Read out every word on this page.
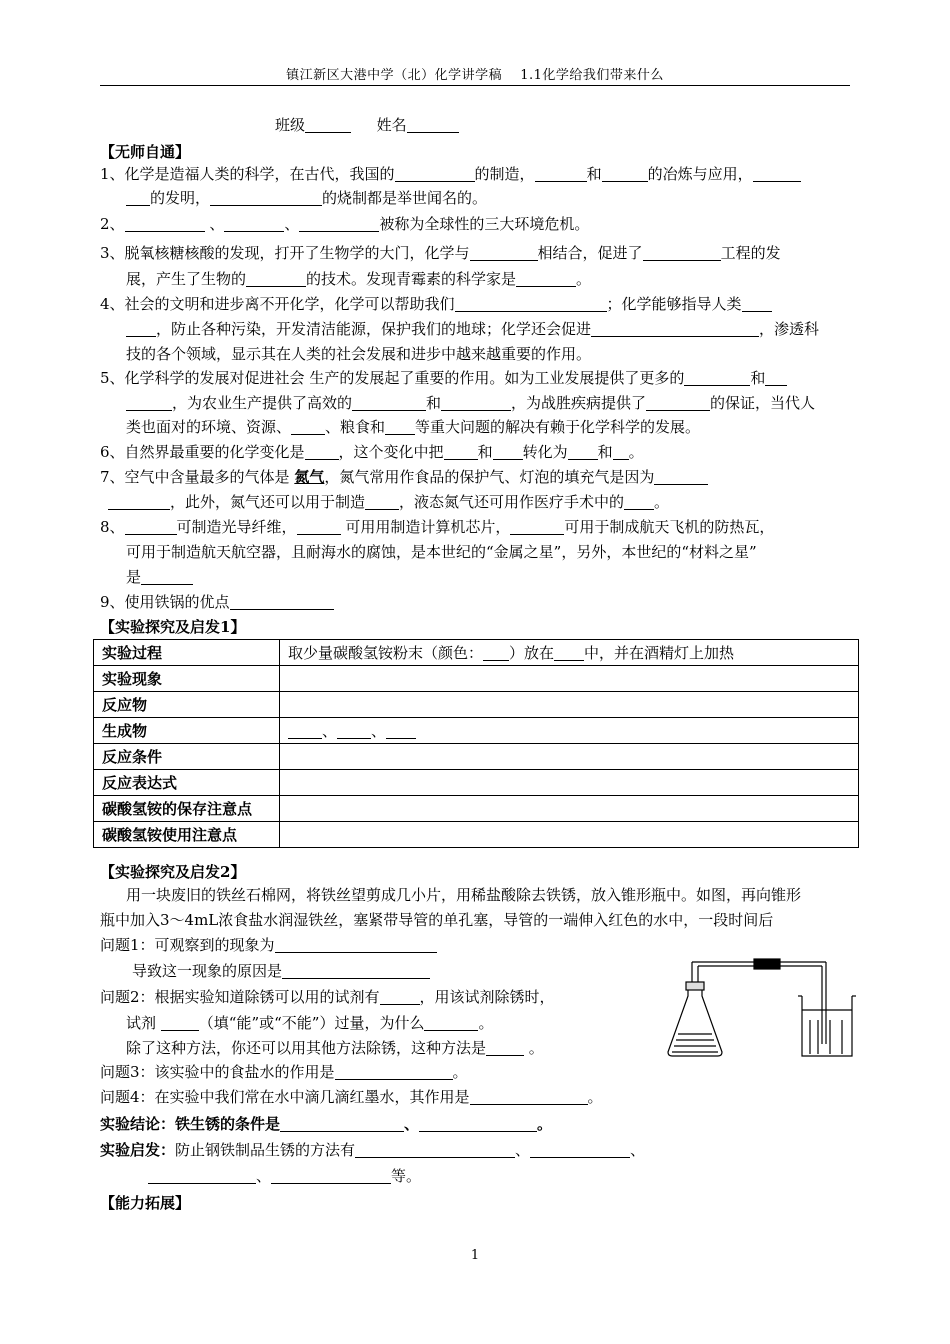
镇江新区大港中学（北）化学讲学稿 　1.1化学给我们带来什么
班级	姓名
【无师自通】
1、化学是造福人类的科学，在古代，我国的	的制造，	和	的冶炼与应用，
的发明，	的烧制都是举世闻名的。
2、	、	、	被称为全球性的三大环境危机。
3、脱氧核糖核酸的发现，打开了生物学的大门，化学与	相结合，促进了	工程的发
展，产生了生物的	的技术。发现青霉素的科学家是	。
4、社会的文明和进步离不开化学，化学可以帮助我们	；化学能够指导人类
，防止各种污染，开发清洁能源，保护我们的地球；化学还会促进	，渗透科
技的各个领域，显示其在人类的社会发展和进步中越来越重要的作用。
5、化学科学的发展对促进社会 生产的发展起了重要的作用。如为工业发展提供了更多的	和
，为农业生产提供了高效的	和	，为战胜疾病提供了	的保证，当代人
类也面对的环境、资源、 、粮食和 等重大问题的解决有赖于化学科学的发展。
6、自然界最重要的化学变化是 ，这个变化中把 和 转化为 和 。
7、空气中含量最多的气体是 氮气，氮气常用作食品的保护气、灯泡的填充气是因为
，此外，氮气还可以用于制造 ，液态氮气还可用作医疗手术中的 。
8、	可制造光导纤维，	可用用制造计算机芯片，	可用于制成航天飞机的防热瓦，
可用于制造航天航空器，且耐海水的腐蚀，是本世纪的“金属之星”，另外，本世纪的“材料之星”
是
9、使用铁锅的优点
【实验探究及启发1】
实验过程	取少量碳酸氢铵粉末（颜色： ）放在 中，并在酒精灯上加热
实验现象	
反应物	
生成物	、 、
反应条件	
反应表达式	
碳酸氢铵的保存注意点	
碳酸氢铵使用注意点	
【实验探究及启发2】
用一块废旧的铁丝石棉网，将铁丝望剪成几小片，用稀盐酸除去铁锈，放入锥形瓶中。如图，再向锥形
瓶中加入3～4mL浓食盐水润湿铁丝，塞紧带导管的单孔塞，导管的一端伸入红色的水中，一段时间后
问题1：可观察到的现象为
导致这一现象的原因是
问题2：根据实验知道除锈可以用的试剂有	，用该试剂除锈时，
试剂	（填“能”或“不能”）过量，为什么	。
除了这种方法，你还可以用其他方法除锈，这种方法是	。
问题3：该实验中的食盐水的作用是	。
问题4：在实验中我们常在水中滴几滴红墨水，其作用是	。
实验结论：铁生锈的条件是	、	。
实验启发：防止钢铁制品生锈的方法有	、	、
、	等。
【能力拓展】
1
